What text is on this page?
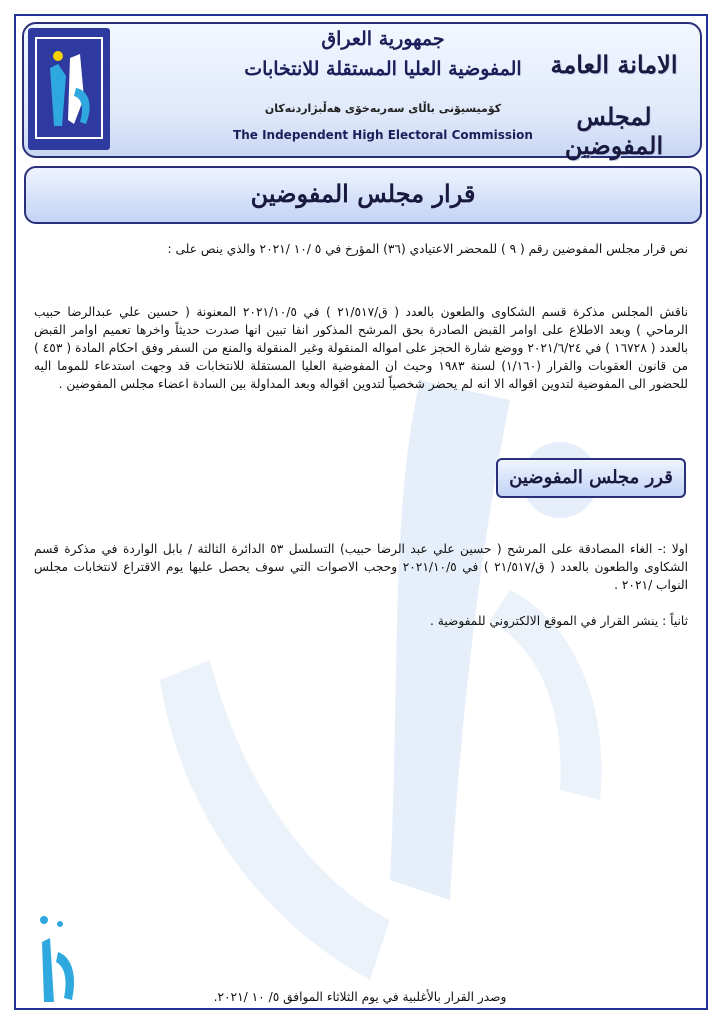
جمهورية العراق
المفوضية العليا المستقلة للانتخابات
كۆمیسیۆنی باڵای سەربەخۆی هەڵبژاردنەكان
The Independent High Electoral Commission
الامانة العامة
لمجلس المفوضين
قرار مجلس المفوضين
نص قرار مجلس المفوضين رقم ( ٩ ) للمحضر الاعتيادي (٣٦) المؤرخ في ٥ /١٠ /٢٠٢١ والذي ينص على :
ناقش المجلس مذكرة قسم الشكاوى والطعون بالعدد ( ق/٢١/٥١٧ ) في ٢٠٢١/١٠/٥ المعنونة ( حسين علي عبدالرضا حبيب الرماحي ) وبعد الاطلاع على اوامر القبض الصادرة بحق المرشح المذكور انفا تبين انها صدرت حديثاً واخرها تعميم اوامر القبض بالعدد ( ١٦٧٢٨ ) في ٢٠٢١/٦/٢٤ ووضع شارة الحجز على امواله المنقولة وغير المنقولة والمنع من السفر وفق احكام المادة ( ٤٥٣ ) من قانون العقوبات والقرار (١/١٦٠) لسنة ١٩٨٣ وحيث ان المفوضية العليا المستقلة للانتخابات قد وجهت استدعاء للموما اليه للحضور الى المفوضية لتدوين اقواله الا انه لم يحضر شخصياً لتدوين اقواله وبعد المداولة بين السادة اعضاء مجلس المفوضين .
قرر مجلس المفوضين
اولا :- الغاء المصادقة على المرشح ( حسين علي عبد الرضا حبيب) التسلسل ٥٣ الدائرة الثالثة / بابل الواردة في مذكرة قسم الشكاوى والطعون بالعدد ( ق/٢١/٥١٧ ) في ٢٠٢١/١٠/٥ وحجب الاصوات التي سوف يحصل عليها يوم الاقتراع لانتخابات مجلس النواب /٢٠٢١ .
ثانياً : ينشر القرار في الموقع الالكتروني للمفوضية .
وصدر القرار بالأغلبية في يوم الثلاثاء الموافق ٥/ ١٠ /٢٠٢١.
